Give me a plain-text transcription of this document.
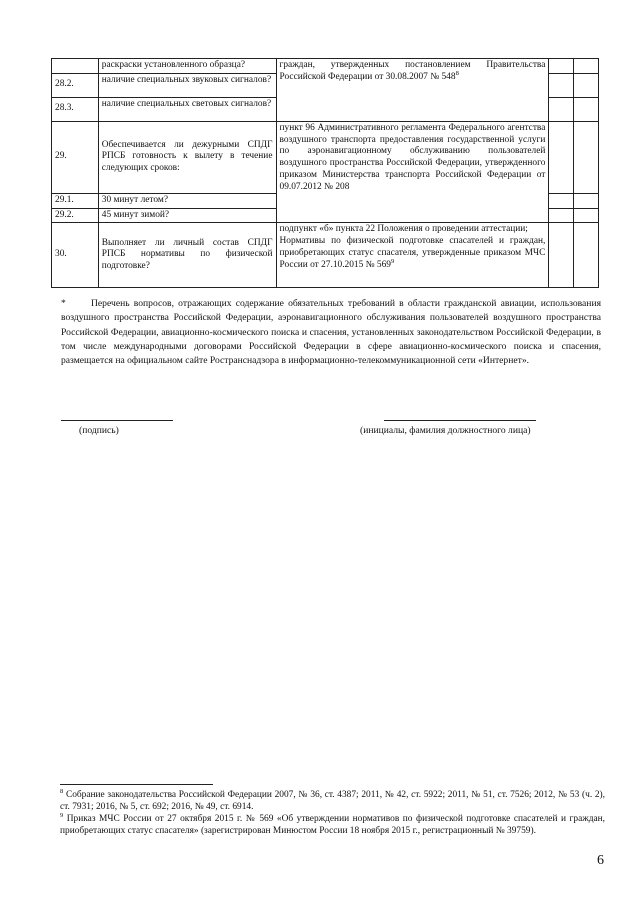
	раскраски установленного образца?	граждан, утвержденных постановлением Правительства Российской Федерации от 30.08.2007 № $548^8$		
28.2.	наличие специальных звуковых сигналов?			
28.3.	наличие специальных световых сигналов?			
29.	Обеспечивается ли дежурными СПДГ РПСБ готовность к вылету в течение следующих сроков:	пункт 96 Административного регламента Федерального агентства воздушного транспорта предоставления государственной услуги по аэронавигационному обслуживанию пользователей воздушного пространства Российской Федерации, утвержденного приказом Министерства транспорта Российской Федерации от 09.07.2012 № 208		
29.1.	30 минут летом?			
29.2.	45 минут зимой?			
30.	Выполняет ли личный состав СПДГ РПСБ нормативы по физической подготовке?	подпункт «б» пункта 22 Положения о проведении аттестации;
Нормативы по физической подготовке спасателей и граждан, приобретающих статус спасателя, утвержденные приказом МЧС России от 27.10.2015 № $569^9$

*	Перечень вопросов, отражающих содержание обязательных требований в области гражданской авиации, использования воздушного пространства Российской Федерации, аэронавигационного обслуживания пользователей воздушного пространства Российской Федерации, авиационно-космического поиска и спасения, установленных законодательством Российской Федерации, в том числе международными договорами Российской Федерации в сфере авиационно-космического поиска и спасения, размещается на официальном сайте Ространснадзора в информационно-телекоммуникационной сети «Интернет».
(подпись)	(инициалы, фамилия должностного лица)
$^8$ Собрание законодательства Российской Федерации 2007, № 36, ст. 4387; 2011, № 42, ст. 5922; 2011, № 51, ст. 7526; 2012, № 53 (ч. 2), ст. 7931; 2016, № 5, ст. 692; 2016, № 49, ст. 6914.
$^9$ Приказ МЧС России от 27 октября 2015 г. № 569 «Об утверждении нормативов по физической подготовке спасателей и граждан, приобретающих статус спасателя» (зарегистрирован Минюстом России 18 ноября 2015 г., регистрационный № 39759).
6
